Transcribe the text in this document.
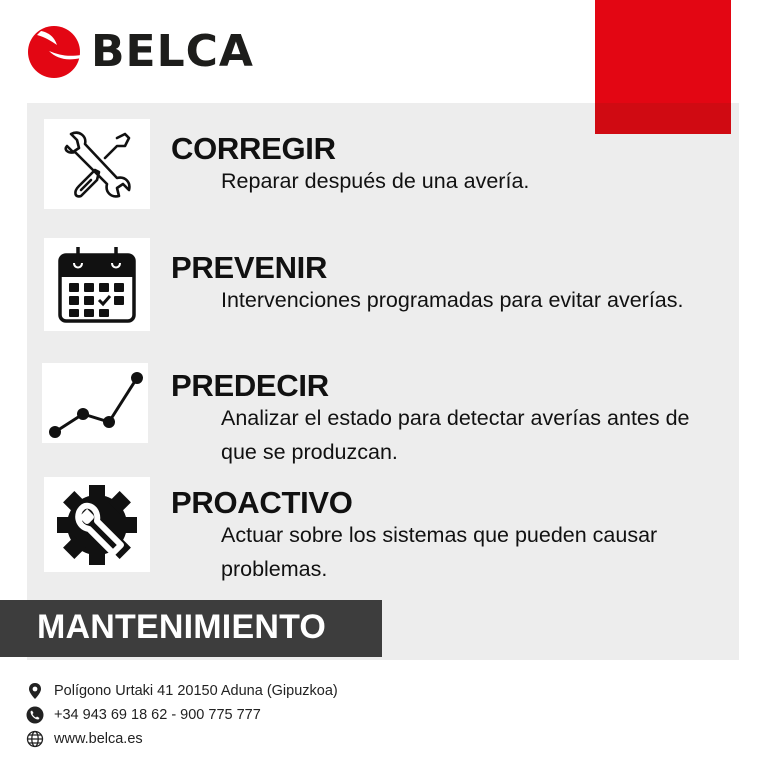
BELCA
CORREGIR
Reparar después de una avería.
PREVENIR
Intervenciones programadas para evitar averías.
PREDECIR
Analizar el estado para detectar averías antes de que se produzcan.
PROACTIVO
Actuar sobre los sistemas que pueden causar problemas.
MANTENIMIENTO
Polígono Urtaki 41 20150 Aduna (Gipuzkoa)
+34 943 69 18 62 - 900 775 777
www.belca.es
